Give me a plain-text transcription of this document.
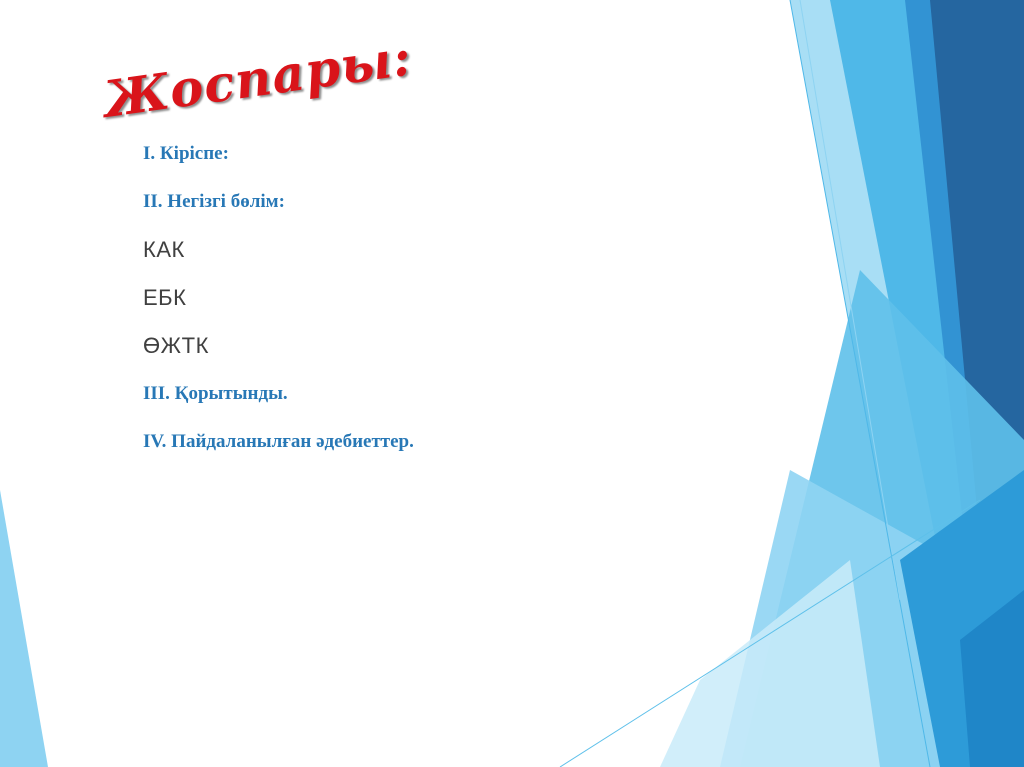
Жоспары:
I. Кіріспе:
II. Негізгі бөлім:
КАК
ЕБК
ӨЖТК
III. Қорытынды.
IV. Пайдаланылған әдебиеттер.
